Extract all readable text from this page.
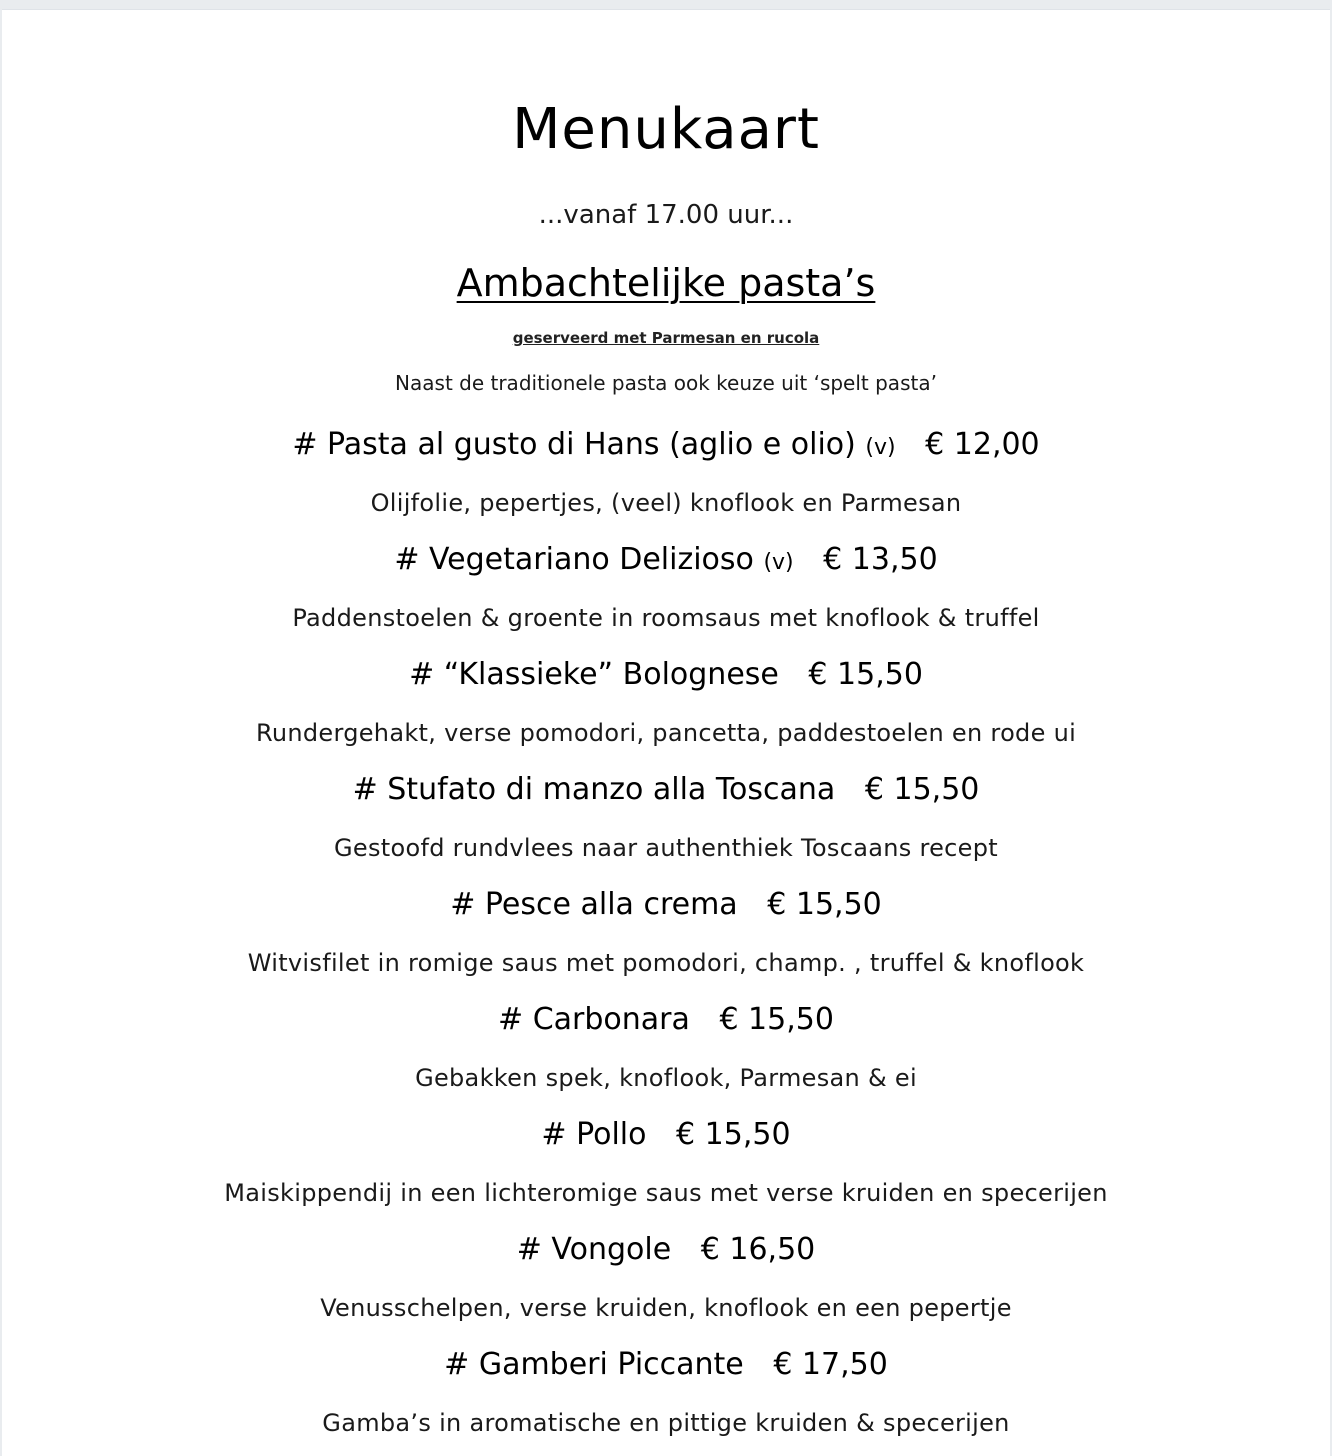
Menukaart
...vanaf 17.00 uur...
Ambachtelijke pasta’s
geserveerd met Parmesan en rucola
Naast de traditionele pasta ook keuze uit ‘spelt pasta’
# Pasta al gusto di Hans (aglio e olio) (v) € 12,00
Olijfolie, pepertjes, (veel) knoflook en Parmesan
# Vegetariano Delizioso (v) € 13,50
Paddenstoelen & groente in roomsaus met knoflook & truffel
# “Klassieke” Bolognese € 15,50
Rundergehakt, verse pomodori, pancetta, paddestoelen en rode ui
# Stufato di manzo alla Toscana € 15,50
Gestoofd rundvlees naar authenthiek Toscaans recept
# Pesce alla crema € 15,50
Witvisfilet in romige saus met pomodori, champ. , truffel & knoflook
# Carbonara € 15,50
Gebakken spek, knoflook, Parmesan & ei
# Pollo € 15,50
Maiskippendij in een lichteromige saus met verse kruiden en specerijen
# Vongole € 16,50
Venusschelpen, verse kruiden, knoflook en een pepertje
# Gamberi Piccante € 17,50
Gamba’s in aromatische en pittige kruiden & specerijen
